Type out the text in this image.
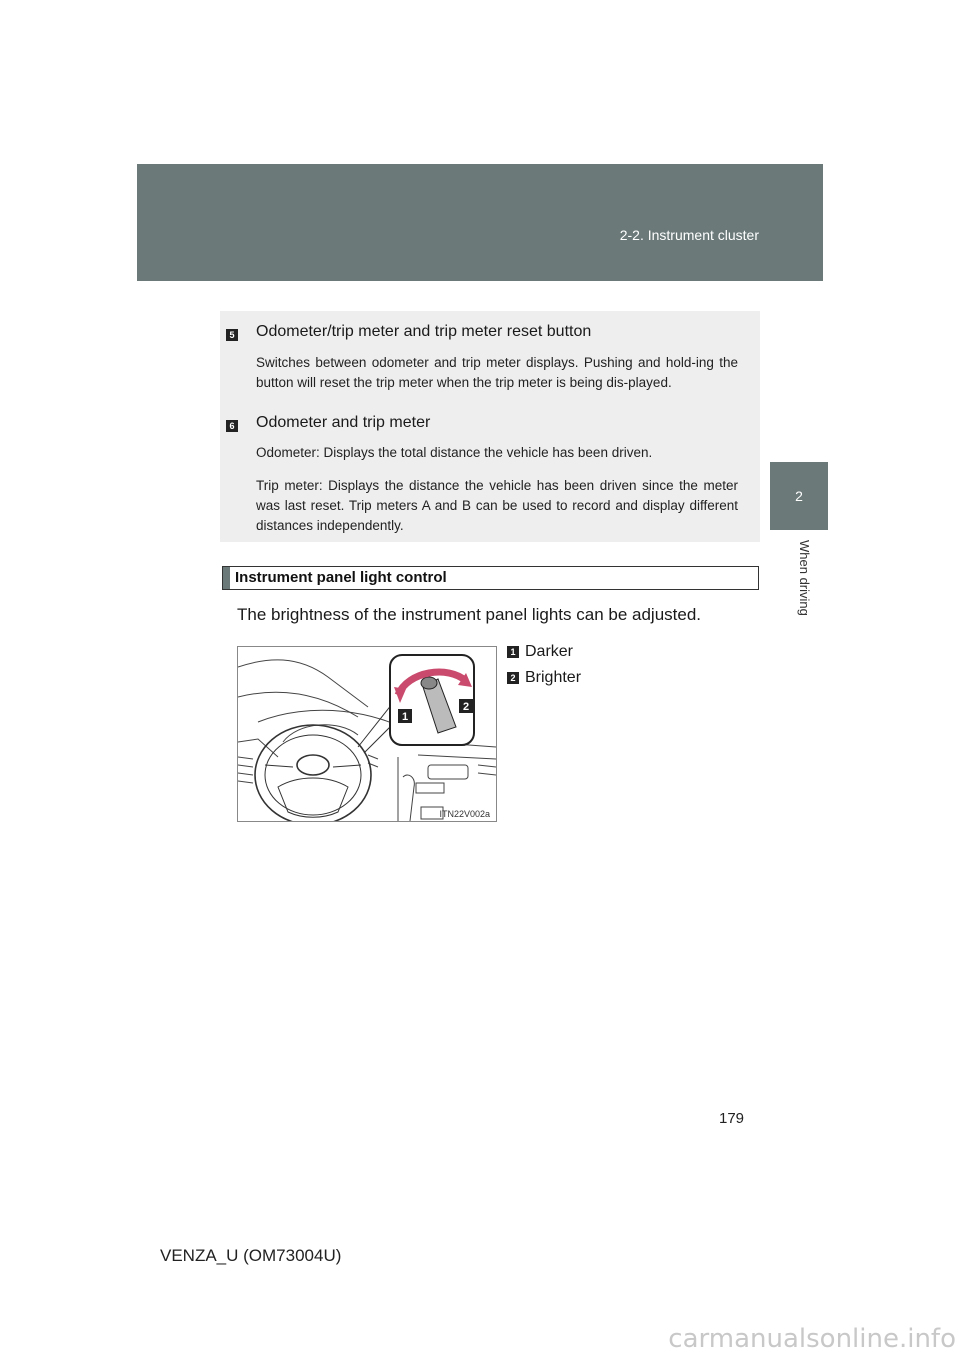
2-2. Instrument cluster
2
When driving
5 Odometer/trip meter and trip meter reset button
Switches between odometer and trip meter displays. Pushing and hold-ing the button will reset the trip meter when the trip meter is being dis-played.
6 Odometer and trip meter
Odometer: Displays the total distance the vehicle has been driven.
Trip meter: Displays the distance the vehicle has been driven since the meter was last reset. Trip meters A and B can be used to record and display different distances independently.
Instrument panel light control
The brightness of the instrument panel lights can be adjusted.
1 Darker
2 Brighter
1
2
ITN22V002a
179
VENZA_U (OM73004U)
carmanualsonline.info
